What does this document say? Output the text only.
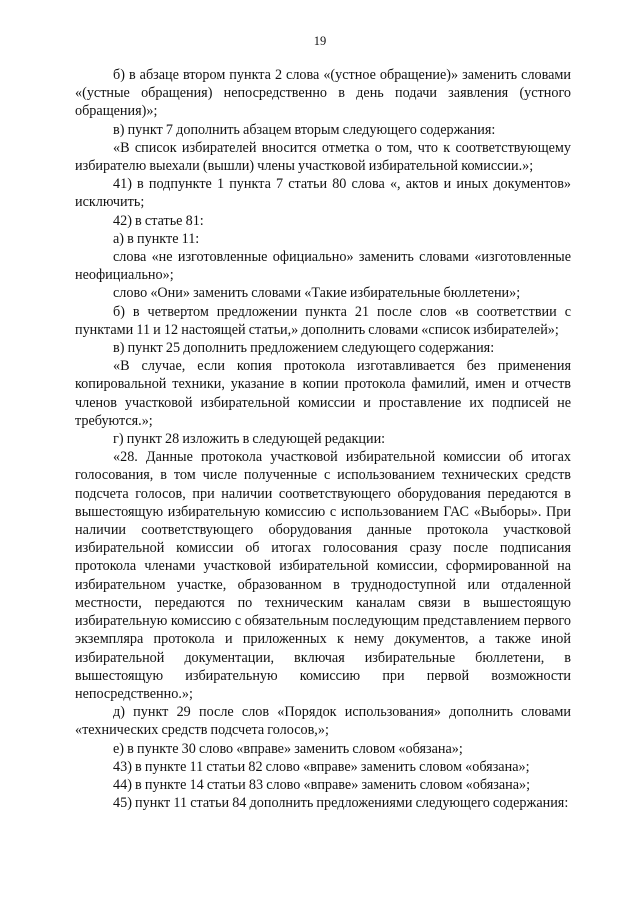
19

б) в абзаце втором пункта 2 слова «(устное обращение)» заменить словами «(устные обращения) непосредственно в день подачи заявления (устного обращения)»;

в) пункт 7 дополнить абзацем вторым следующего содержания:

«В список избирателей вносится отметка о том, что к соответствующему избирателю выехали (вышли) члены участковой избирательной комиссии.»;

41) в подпункте 1 пункта 7 статьи 80 слова «, актов и иных документов» исключить;

42) в статье 81:

а) в пункте 11:

слова «не изготовленные официально» заменить словами «изготовленные неофициально»;

слово «Они» заменить словами «Такие избирательные бюллетени»;

б) в четвертом предложении пункта 21 после слов «в соответствии с пунктами 11 и 12 настоящей статьи,» дополнить словами «список избирателей»;

в) пункт 25 дополнить предложением следующего содержания:

«В случае, если копия протокола изготавливается без применения копировальной техники, указание в копии протокола фамилий, имен и отчеств членов участковой избирательной комиссии и проставление их подписей не требуются.»;

г) пункт 28 изложить в следующей редакции:

«28. Данные протокола участковой избирательной комиссии об итогах голосования, в том числе полученные с использованием технических средств подсчета голосов, при наличии соответствующего оборудования передаются в вышестоящую избирательную комиссию с использованием ГАС «Выборы». При наличии соответствующего оборудования данные протокола участковой избирательной комиссии об итогах голосования сразу после подписания протокола членами участковой избирательной комиссии, сформированной на избирательном участке, образованном в труднодоступной или отдаленной местности, передаются по техническим каналам связи в вышестоящую избирательную комиссию с обязательным последующим представлением первого экземпляра протокола и приложенных к нему документов, а также иной избирательной документации, включая избирательные бюллетени, в вышестоящую избирательную комиссию при первой возможности непосредственно.»;

д) пункт 29 после слов «Порядок использования» дополнить словами «технических средств подсчета голосов,»;

е) в пункте 30 слово «вправе» заменить словом «обязана»;

43) в пункте 11 статьи 82 слово «вправе» заменить словом «обязана»;

44) в пункте 14 статьи 83 слово «вправе» заменить словом «обязана»;

45) пункт 11 статьи 84 дополнить предложениями следующего содержания:
